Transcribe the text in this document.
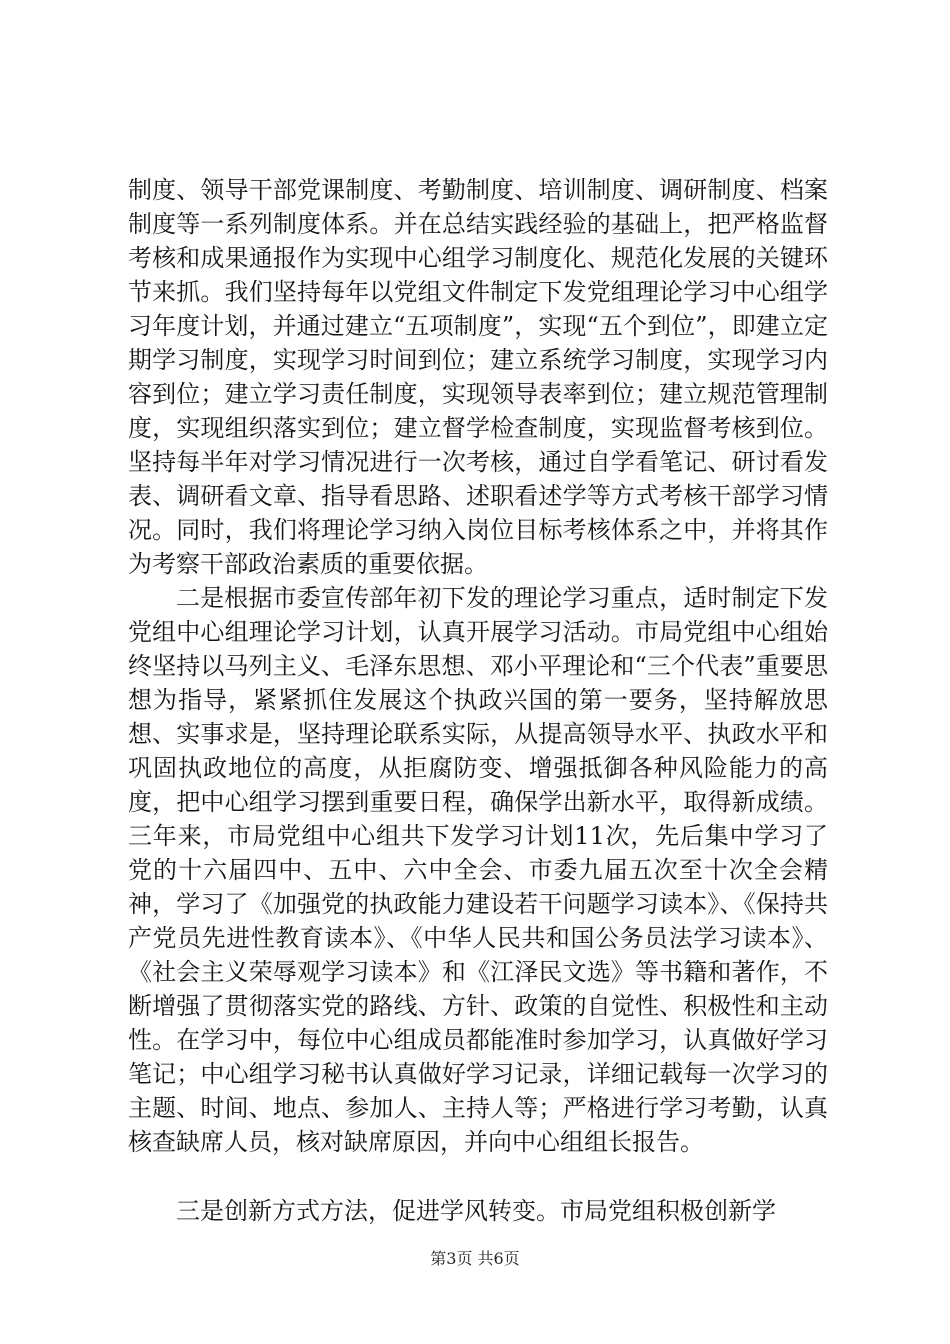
制度、领导干部党课制度、考勤制度、培训制度、调研制度、档案制度等一系列制度体系。并在总结实践经验的基础上，把严格监督考核和成果通报作为实现中心组学习制度化、规范化发展的关键环节来抓。我们坚持每年以党组文件制定下发党组理论学习中心组学习年度计划，并通过建立“五项制度”，实现“五个到位”，即建立定期学习制度，实现学习时间到位；建立系统学习制度，实现学习内容到位；建立学习责任制度，实现领导表率到位；建立规范管理制度，实现组织落实到位；建立督学检查制度，实现监督考核到位。坚持每半年对学习情况进行一次考核，通过自学看笔记、研讨看发表、调研看文章、指导看思路、述职看述学等方式考核干部学习情况。同时，我们将理论学习纳入岗位目标考核体系之中，并将其作为考察干部政治素质的重要依据。

二是根据市委宣传部年初下发的理论学习重点，适时制定下发党组中心组理论学习计划，认真开展学习活动。市局党组中心组始终坚持以马列主义、毛泽东思想、邓小平理论和“三个代表”重要思想为指导，紧紧抓住发展这个执政兴国的第一要务，坚持解放思想、实事求是，坚持理论联系实际，从提高领导水平、执政水平和巩固执政地位的高度，从拒腐防变、增强抵御各种风险能力的高度，把中心组学习摆到重要日程，确保学出新水平，取得新成绩。三年来，市局党组中心组共下发学习计划11次，先后集中学习了党的十六届四中、五中、六中全会、市委九届五次至十次全会精神，学习了《加强党的执政能力建设若干问题学习读本》、《保持共产党员先进性教育读本》、《中华人民共和国公务员法学习读本》、《社会主义荣辱观学习读本》和《江泽民文选》等书籍和著作，不断增强了贯彻落实党的路线、方针、政策的自觉性、积极性和主动性。在学习中，每位中心组成员都能准时参加学习，认真做好学习笔记；中心组学习秘书认真做好学习记录，详细记载每一次学习的主题、时间、地点、参加人、主持人等；严格进行学习考勤，认真核查缺席人员，核对缺席原因，并向中心组组长报告。

三是创新方式方法，促进学风转变。市局党组积极创新学

第3页 共6页
